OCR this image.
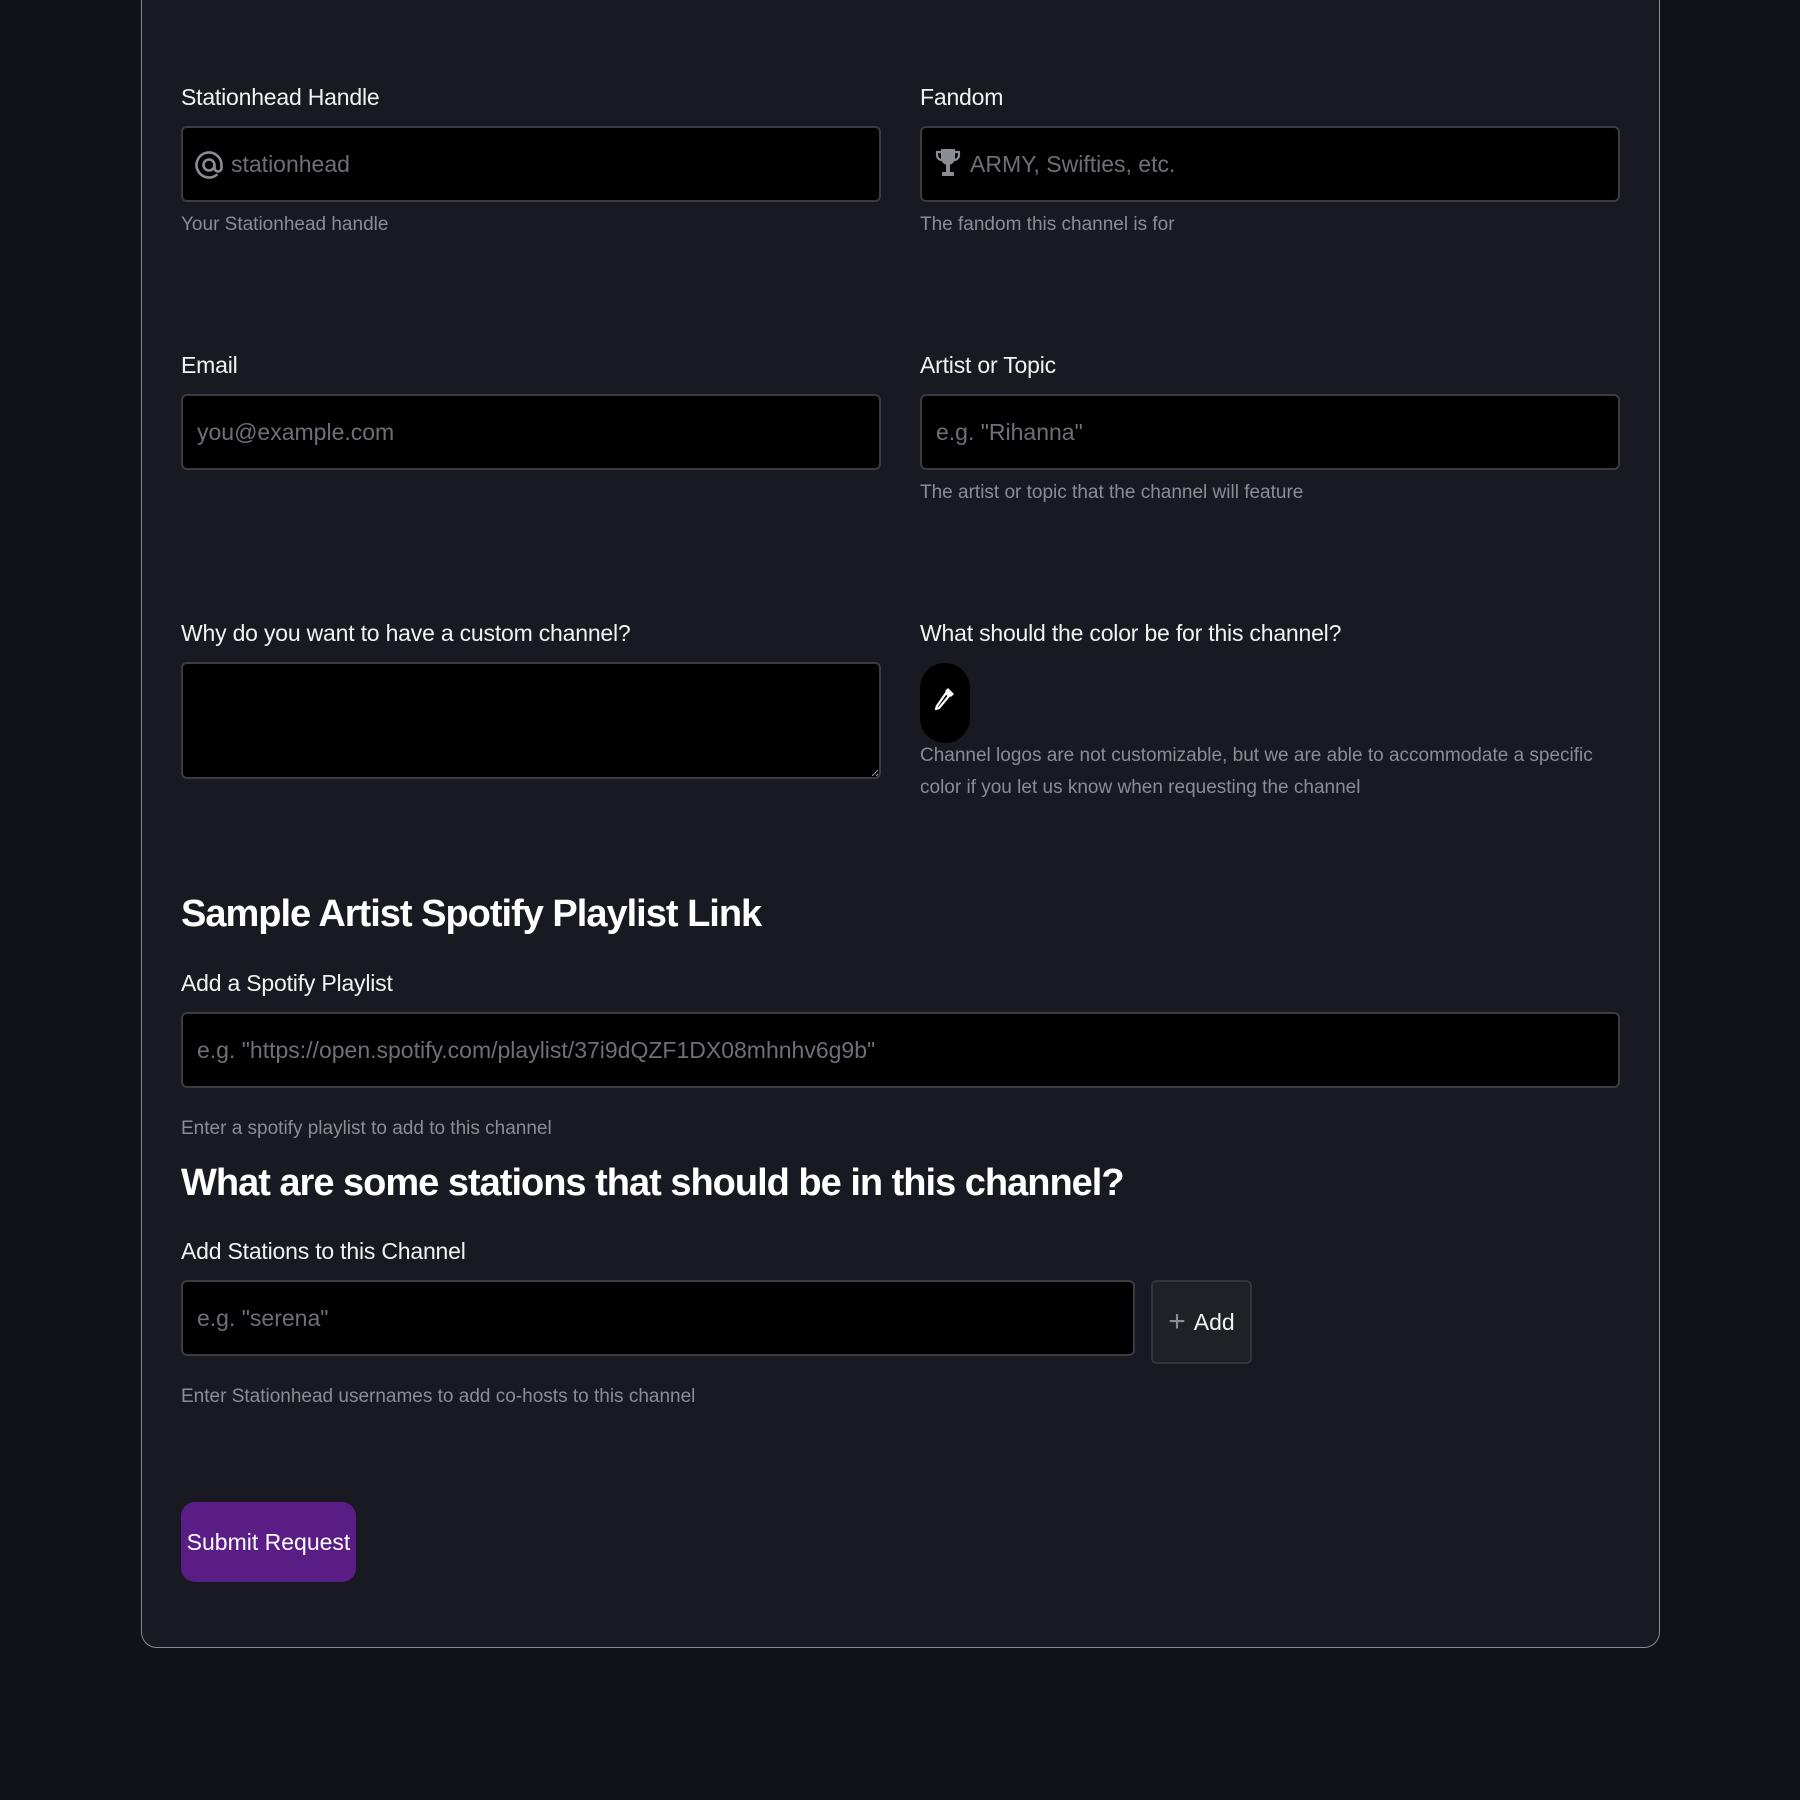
Stationhead Handle
stationhead
Your Stationhead handle
Fandom
ARMY, Swifties, etc.
The fandom this channel is for
Email
you@example.com	Artist or Topic
e.g. "Rihanna"
The artist or topic that the channel will feature
Why do you want to have a custom channel?	What should the color be for this channel?
Channel logos are not customizable, but we are able to accommodate a specific color if you let us know when requesting the channel
Sample Artist Spotify Playlist Link
Add a Spotify Playlist
e.g. "https://open.spotify.com/playlist/37i9dQZF1DX08mhnhv6g9b"
Enter a spotify playlist to add to this channel
What are some stations that should be in this channel?
Add Stations to this Channel
e.g. "serena"
+ Add
Enter Stationhead usernames to add co-hosts to this channel
Submit Request
